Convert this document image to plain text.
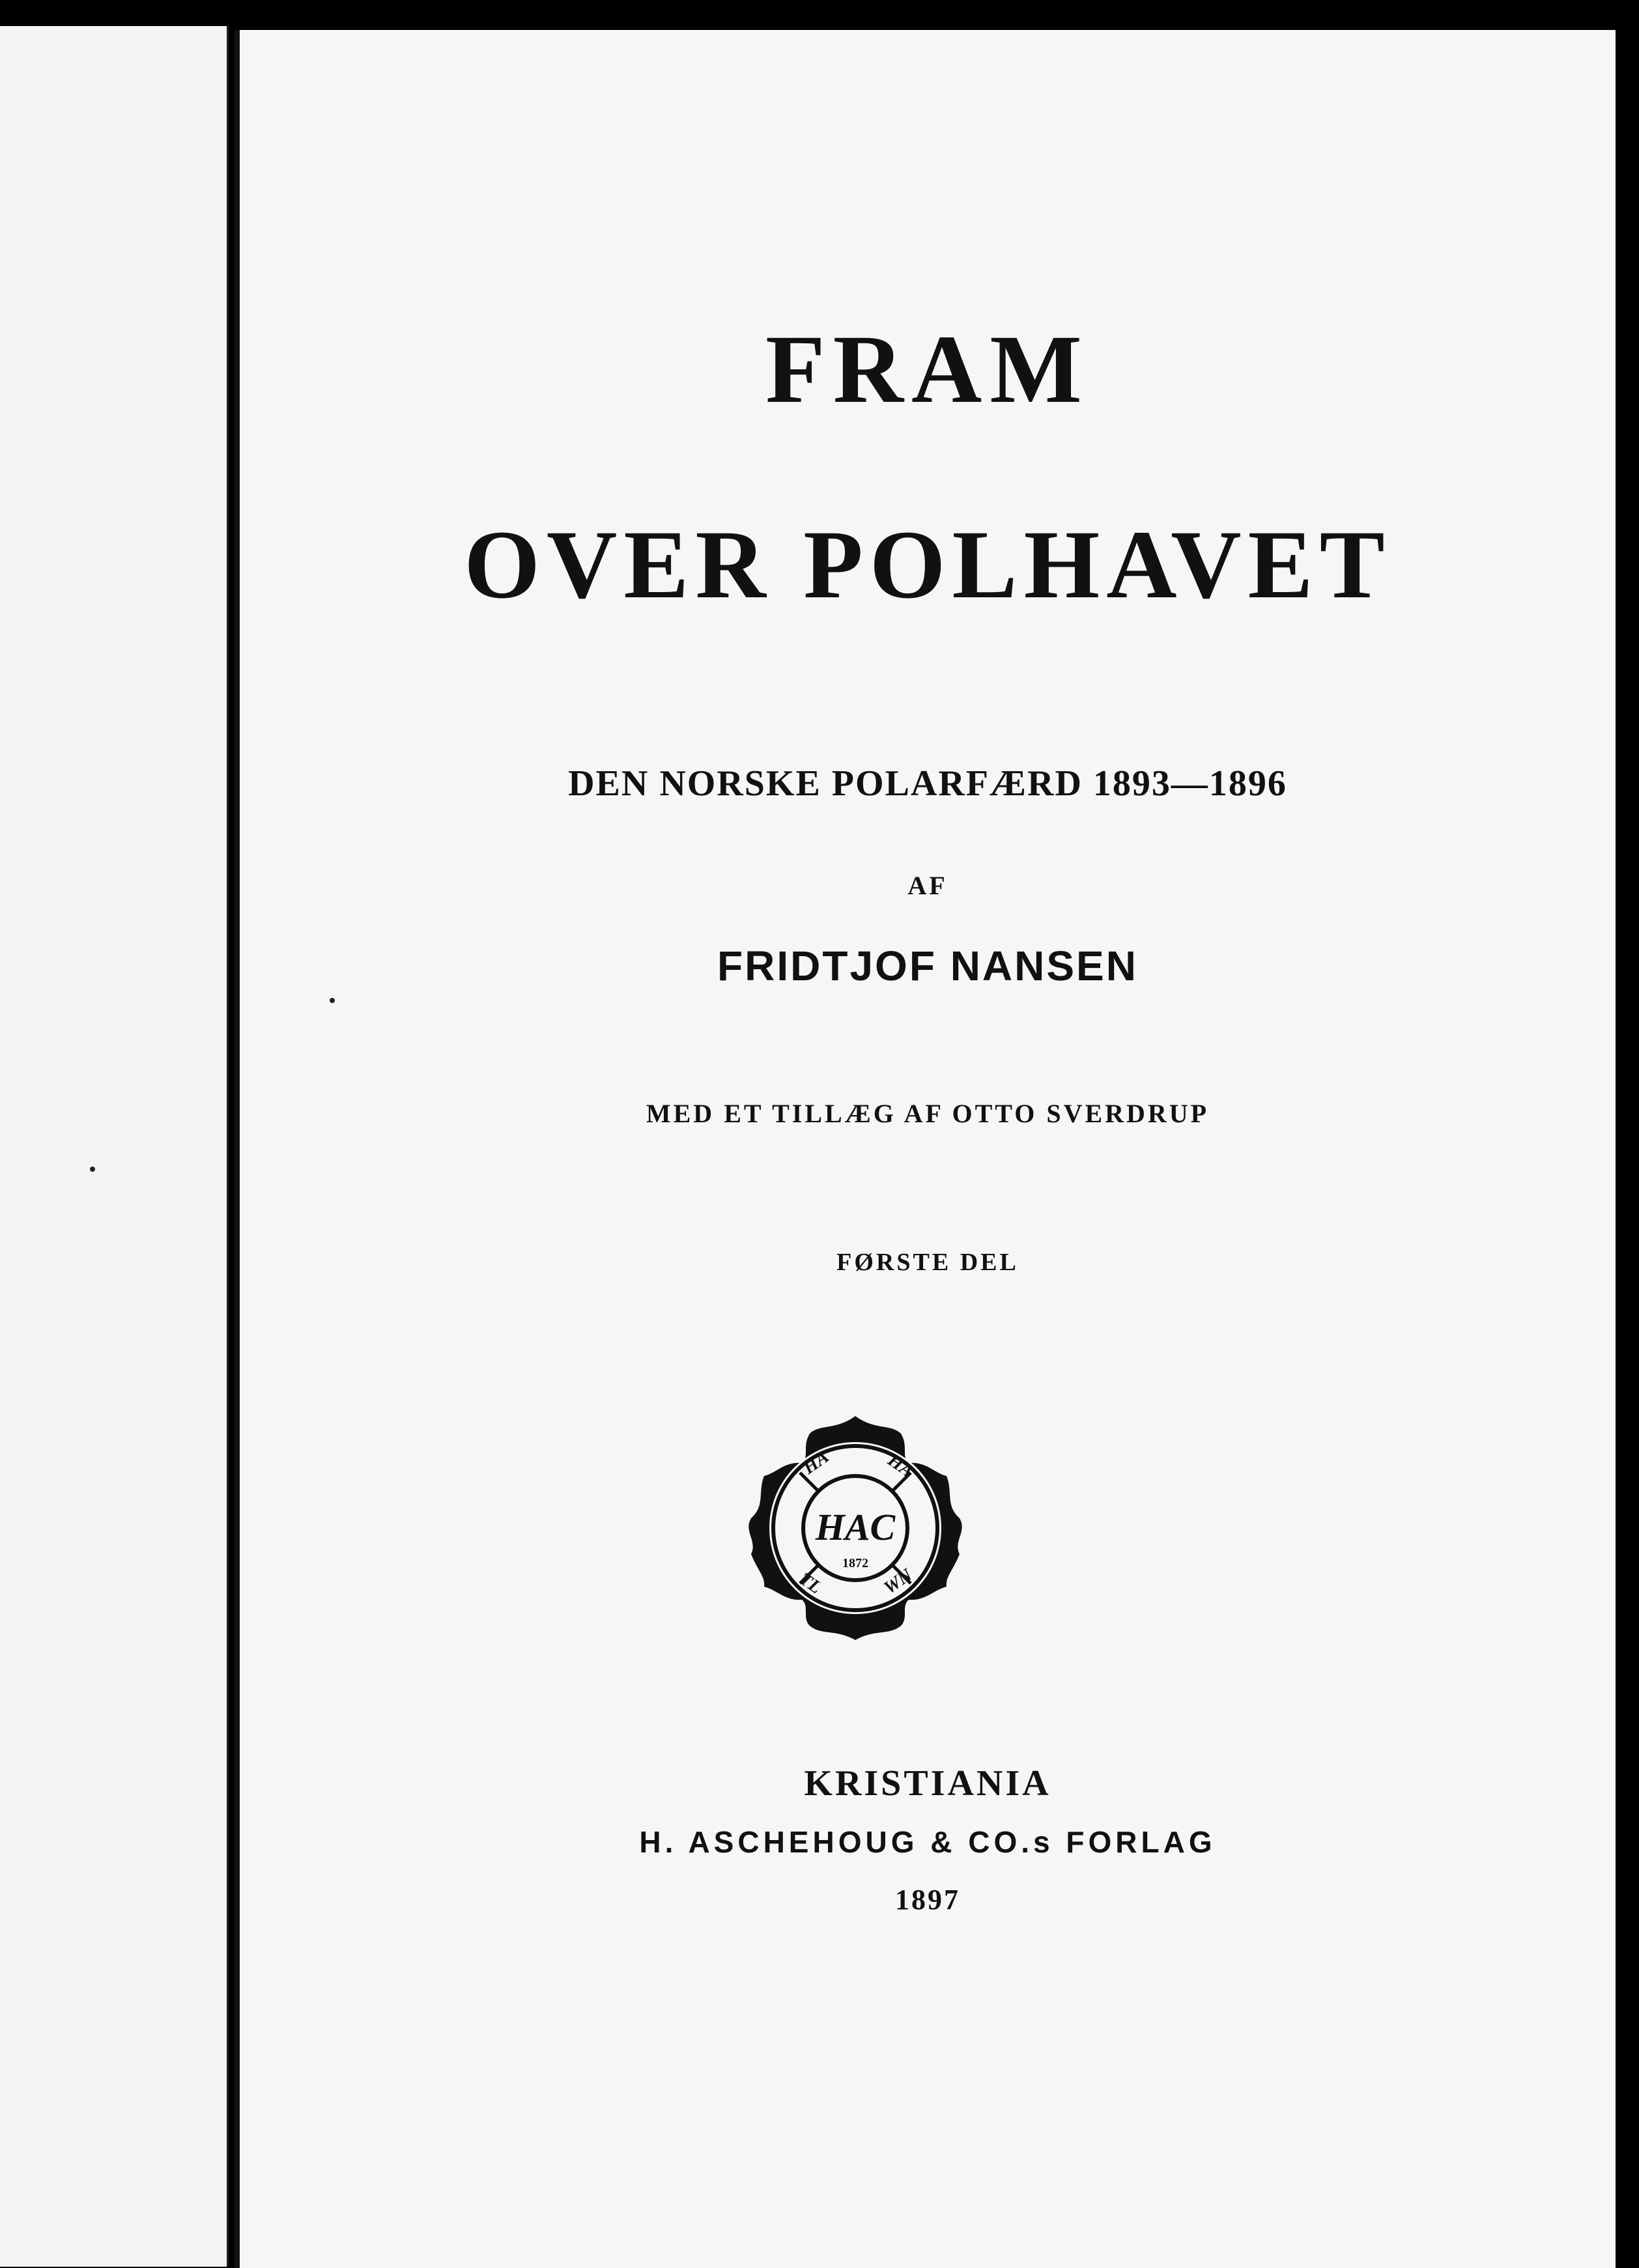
FRAM
OVER POLHAVET
DEN NORSKE POLARFÆRD 1893—1896
AF
FRIDTJOF NANSEN
MED ET TILLÆG AF OTTO SVERDRUP
FØRSTE DEL
HA	HA
TL	WN
HAC
1872
KRISTIANIA
H. ASCHEHOUG & CO.s FORLAG
1897
